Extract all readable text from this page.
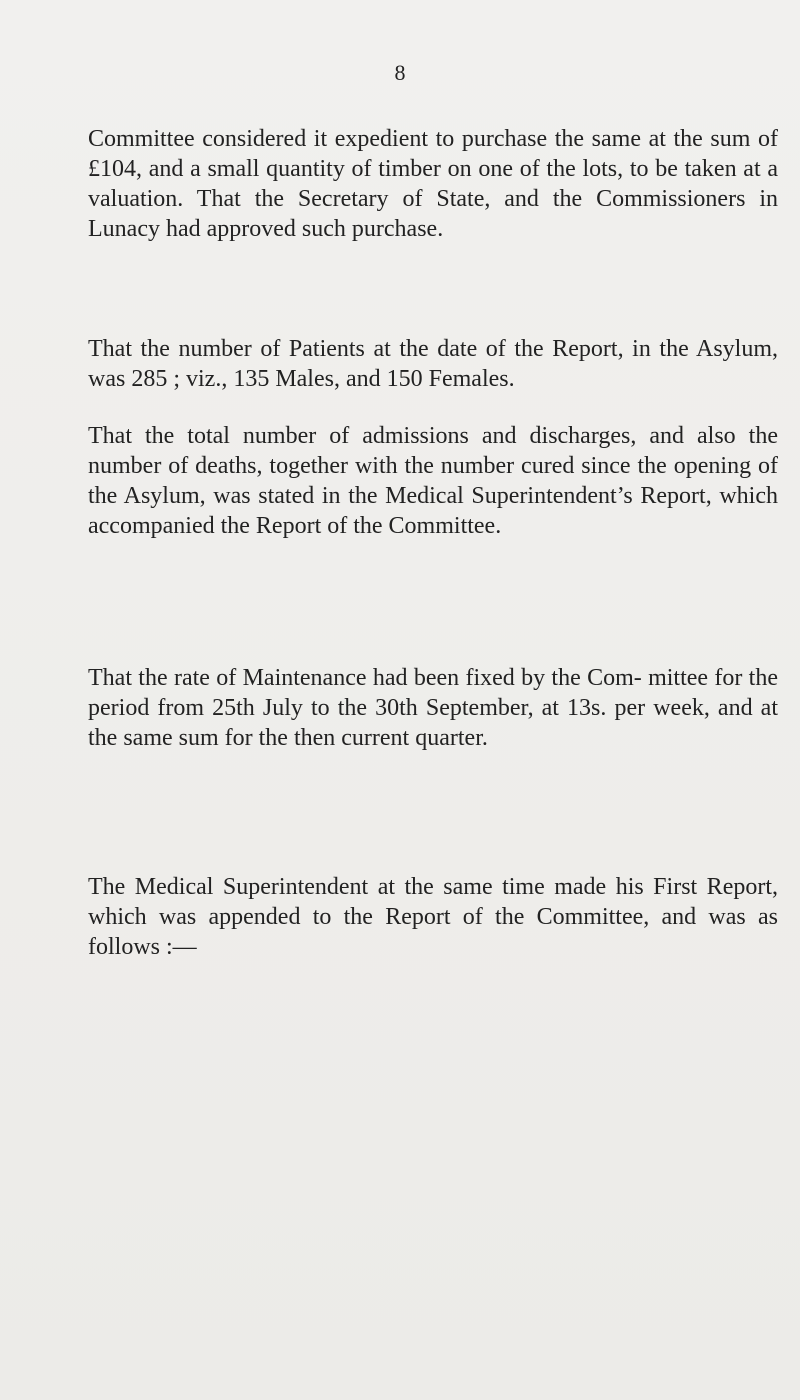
8
Committee considered it expedient to purchase the same at the sum of £104, and a small quantity of timber on one of the lots, to be taken at a valuation. That the Secretary of State, and the Commissioners in Lunacy had approved such purchase.
That the number of Patients at the date of the Report, in the Asylum, was 285 ; viz., 135 Males, and 150 Females.
That the total number of admissions and discharges, and also the number of deaths, together with the number cured since the opening of the Asylum, was stated in the Medical Superintendent’s Report, which accompanied the Report of the Committee.
That the rate of Maintenance had been fixed by the Com- mittee for the period from 25th July to the 30th September, at 13s. per week, and at the same sum for the then current quarter.
The Medical Superintendent at the same time made his First Report, which was appended to the Report of the Committee, and was as follows :—
